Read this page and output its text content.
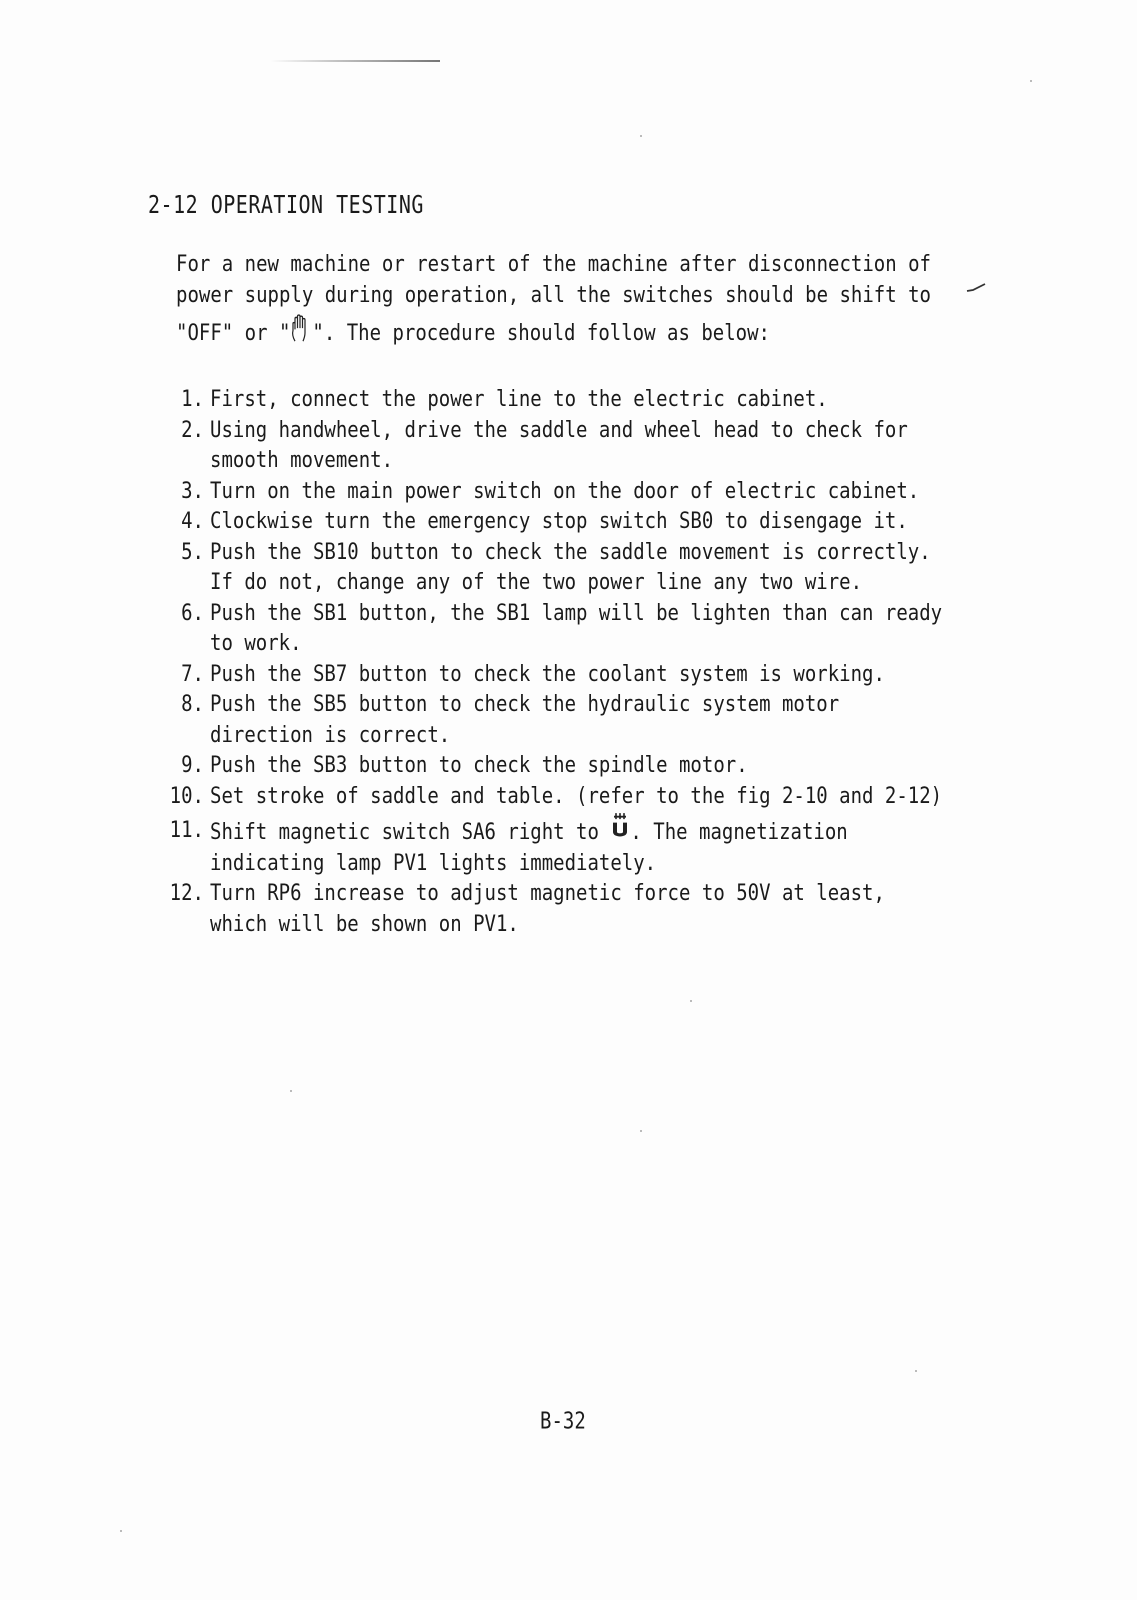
2-12 OPERATION TESTING
For a new machine or restart of the machine after disconnection of
power supply during operation, all the switches should be shift to
"OFF" or " ". The procedure should follow as below:
1. First, connect the power line to the electric cabinet.
2. Using handwheel, drive the saddle and wheel head to check for
smooth movement.
3. Turn on the main power switch on the door of electric cabinet.
4. Clockwise turn the emergency stop switch SB0 to disengage it.
5. Push the SB10 button to check the saddle movement is correctly.
If do not, change any of the two power line any two wire.
6. Push the SB1 button, the SB1 lamp will be lighten than can ready
to work.
7. Push the SB7 button to check the coolant system is working.
8. Push the SB5 button to check the hydraulic system motor
direction is correct.
9. Push the SB3 button to check the spindle motor.
10. Set stroke of saddle and table. (refer to the fig 2-10 and 2-12)
11. Shift magnetic switch SA6 right to . The magnetization
indicating lamp PV1 lights immediately.
12. Turn RP6 increase to adjust magnetic force to 50V at least,
which will be shown on PV1.
B-32
